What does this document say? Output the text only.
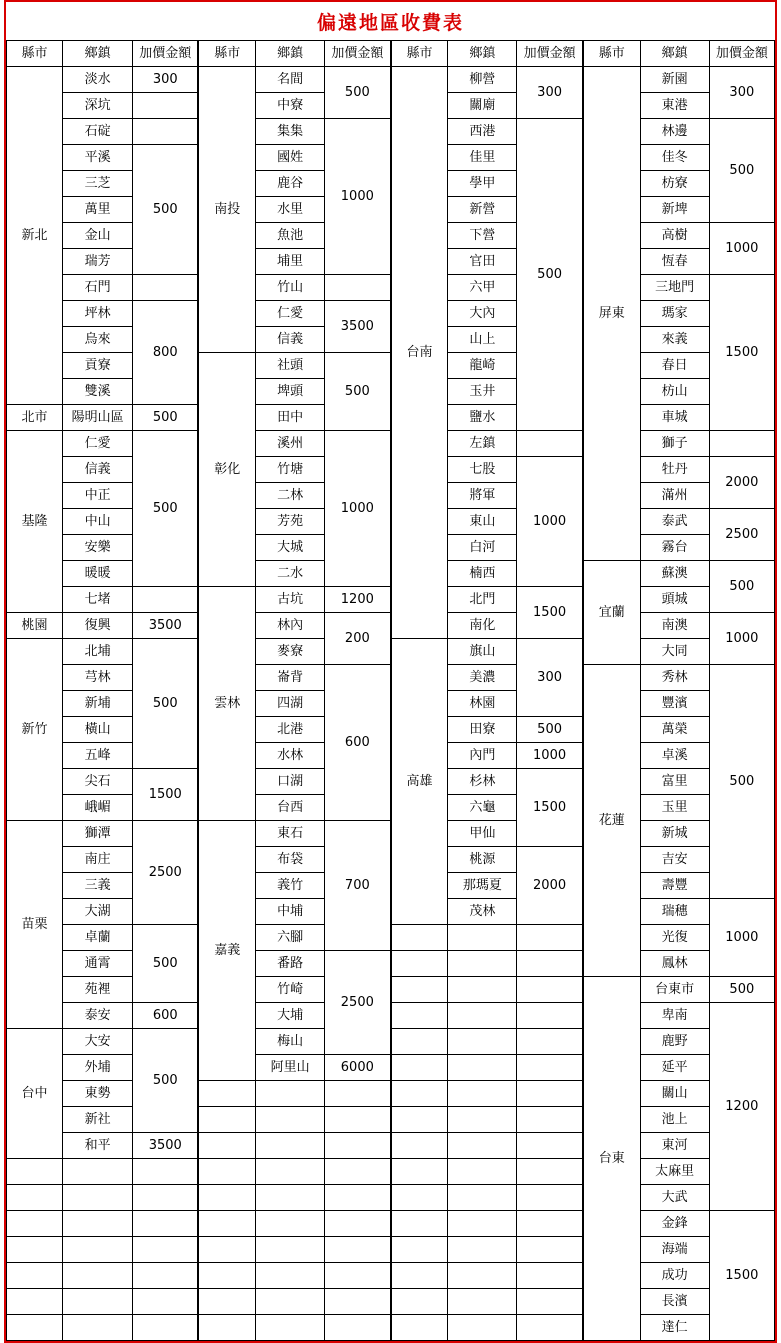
偏遠地區收費表
縣市	鄉鎮	加價金額
新北	淡水	300
	深坑	
	石碇	
	平溪	500
	三芝	
	萬里	
	金山	
	瑞芳	
	石門	
	坪林	800
	烏來	
	貢寮	
	雙溪	
北市	陽明山區	500
基隆	仁愛	500
	信義	
	中正	
	中山	
	安樂	
	暖暖	
	七堵	
桃園	復興	3500
新竹	北埔	500
	芎林	
	新埔	
	橫山	
	五峰	
	尖石	1500
	峨嵋	
苗栗	獅潭	2500
	南庄	
	三義	
	大湖	
	卓蘭	500
	通霄	
	苑裡	
	泰安	600
台中	大安	500
	外埔	
	東勢	
	新社	
	和平	3500

縣市	鄉鎮	加價金額
南投	名間	500
	中寮	
	集集	1000
	國姓	
	鹿谷	
	水里	
	魚池	
	埔里	
	竹山	
	仁愛	3500
	信義	
彰化	社頭	500
	埤頭	
	田中	
	溪州	1000
	竹塘	
	二林	
	芳苑	
	大城	
	二水	
雲林	古坑	1200
	林內	200
	麥寮	
	崙背	600
	四湖	
	北港	
	水林	
	口湖	
	台西	
嘉義	東石	700
	布袋	
	義竹	
	中埔	
	六腳	
	番路	2500
	竹崎	
	大埔	
	梅山	
	阿里山	6000

縣市	鄉鎮	加價金額
台南	柳營	300
	關廟	
	西港	500
	佳里	
	學甲	
	新營	
	下營	
	官田	
	六甲	
	大內	
	山上	
	龍崎	
	玉井	
	鹽水	
	左鎮	
	七股	1000
	將軍	
	東山	
	白河	
	楠西	
	北門	1500
	南化	
高雄	旗山	300
	美濃	
	林園	
	田寮	500
	內門	1000
	杉林	1500
	六龜	
	甲仙	
	桃源	2000
	那瑪夏	
	茂林	

縣市	鄉鎮	加價金額
屏東	新園	300
	東港	
	林邊	500
	佳冬	
	枋寮	
	新埤	
	高樹	1000
	恆春	
	三地門	1500
	瑪家	
	來義	
	春日	
	枋山	
	車城	
	獅子	
	牡丹	2000
	滿州	
	泰武	2500
	霧台	
宜蘭	蘇澳	500
	頭城	
	南澳	1000
	大同	
花蓮	秀林	500
	豐濱	
	萬榮	
	卓溪	
	富里	
	玉里	
	新城	
	吉安	
	壽豐	
	瑞穗	1000
	光復	
	鳳林	
台東	台東市	500
	卑南	1200
	鹿野	
	延平	
	關山	
	池上	
	東河	
	太麻里	
	大武	
	金鋒	1500
	海端	
	成功	
	長濱	
	達仁	
